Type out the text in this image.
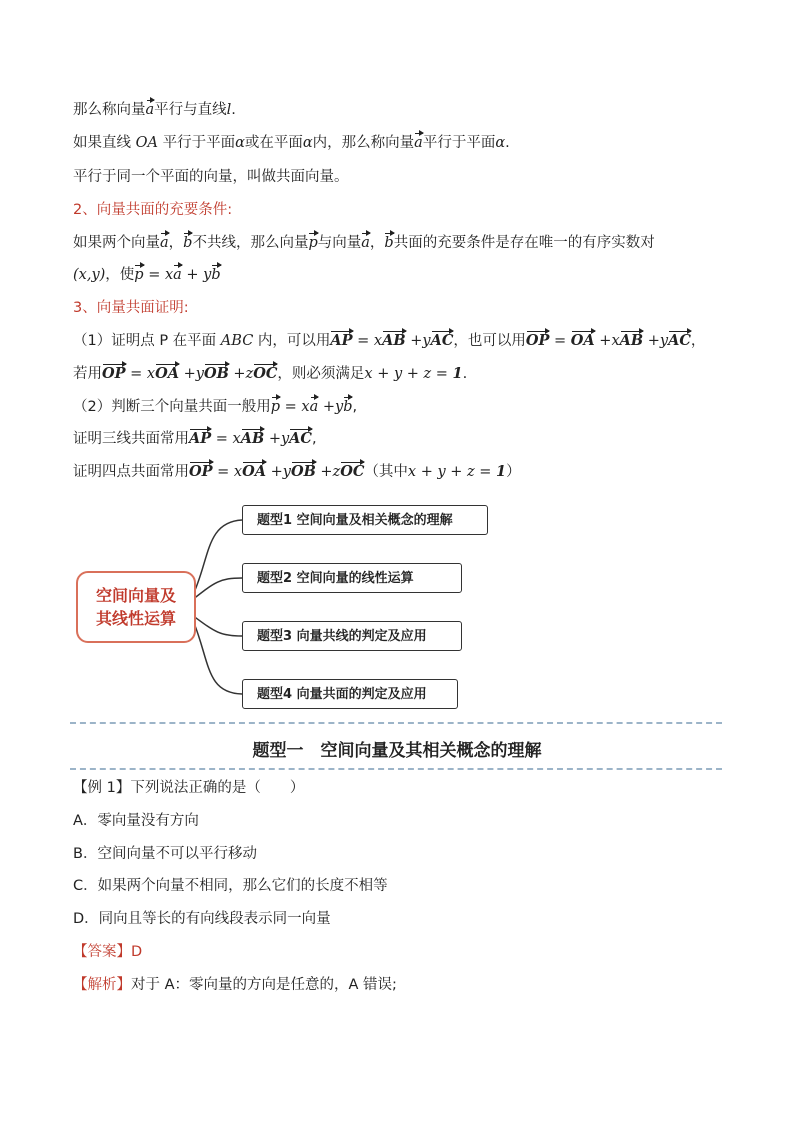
那么称向量a平行与直线l.
如果直线 OA 平行于平面α或在平面α内，那么称向量a平行于平面α.
平行于同一个平面的向量，叫做共面向量。
2、向量共面的充要条件:
如果两个向量a，b不共线，那么向量p与向量a，b共面的充要条件是存在唯一的有序实数对
(x,y)，使p = xa + yb
3、向量共面证明:
（1）证明点 P 在平面 ABC 内，可以用AP = xAB +yAC，也可以用OP = OA +xAB +yAC，
若用OP = xOA +yOB +zOC，则必须满足x + y + z = 1.
（2）判断三个向量共面一般用p = xa +yb,
证明三线共面常用AP = xAB +yAC,
证明四点共面常用OP = xOA +yOB +zOC（其中x + y + z = 1）
空间向量及其线性运算
题型1 空间向量及相关概念的理解
题型2 空间向量的线性运算
题型3 向量共线的判定及应用
题型4 向量共面的判定及应用
题型一　空间向量及其相关概念的理解
【例 1】下列说法正确的是（　　）
A．零向量没有方向
B．空间向量不可以平行移动
C．如果两个向量不相同，那么它们的长度不相等
D．同向且等长的有向线段表示同一向量
【答案】D
【解析】对于 A：零向量的方向是任意的，A 错误;
